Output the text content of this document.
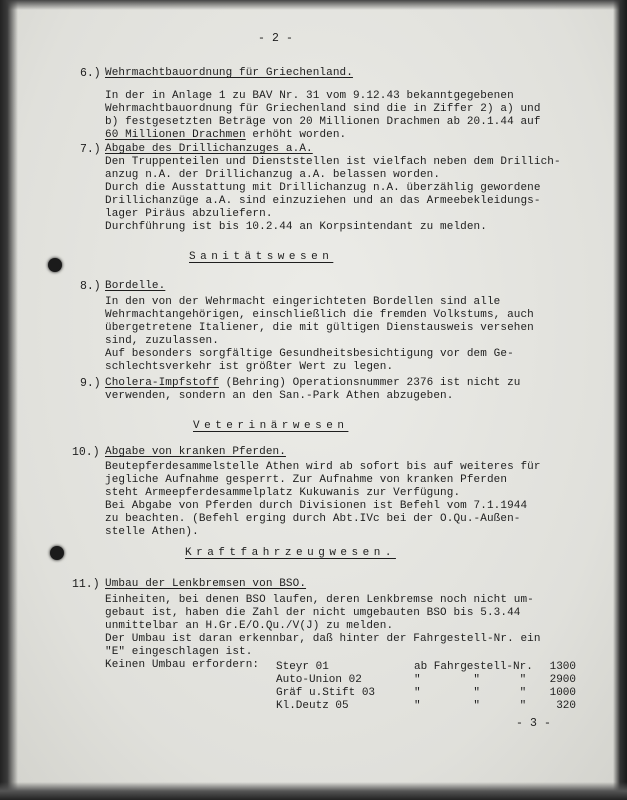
- 2 -
6.) Wehrmachtbauordnung für Griechenland.
In der in Anlage 1 zu BAV Nr. 31 vom 9.12.43 bekanntgegebenen
Wehrmachtbauordnung für Griechenland sind die in Ziffer 2) a) und
b) festgesetzten Beträge von 20 Millionen Drachmen ab 20.1.44 auf
60 Millionen Drachmen erhöht worden.
7.) Abgabe des Drillichanzuges a.A.
Den Truppenteilen und Dienststellen ist vielfach neben dem Drillich-
anzug n.A. der Drillichanzug a.A. belassen worden.
Durch die Ausstattung mit Drillichanzug n.A. überzählig gewordene
Drillichanzüge a.A. sind einzuziehen und an das Armeebekleidungs-
lager Piräus abzuliefern.
Durchführung ist bis 10.2.44 an Korpsintendant zu melden.
Sanitätswesen
8.) Bordelle.
In den von der Wehrmacht eingerichteten Bordellen sind alle
Wehrmachtangehörigen, einschließlich die fremden Volkstums, auch
übergetretene Italiener, die mit gültigen Dienstausweis versehen
sind, zuzulassen.
Auf besonders sorgfältige Gesundheitsbesichtigung vor dem Ge-
schlechtsverkehr ist größter Wert zu legen.
9.) Cholera-Impfstoff (Behring) Operationsnummer 2376 ist nicht zu
verwenden, sondern an den San.-Park Athen abzugeben.
Veterinärwesen
10.) Abgabe von kranken Pferden.
Beutepferdesammelstelle Athen wird ab sofort bis auf weiteres für
jegliche Aufnahme gesperrt. Zur Aufnahme von kranken Pferden
steht Armeepferdesammelplatz Kukuwanis zur Verfügung.
Bei Abgabe von Pferden durch Divisionen ist Befehl vom 7.1.1944
zu beachten. (Befehl erging durch Abt.IVc bei der O.Qu.-Außen-
stelle Athen).
Kraftfahrzeugwesen.
11.) Umbau der Lenkbremsen von BSO.
Einheiten, bei denen BSO laufen, deren Lenkbremse noch nicht um-
gebaut ist, haben die Zahl der nicht umgebauten BSO bis 5.3.44
unmittelbar an H.Gr.E/O.Qu./V(J) zu melden.
Der Umbau ist daran erkennbar, daß hinter der Fahrgestell-Nr. ein
"E" eingeschlagen ist.
Keinen Umbau erfordern: Steyr 01	ab Fahrgestell-Nr.	1300
Auto-Union 02	"        "      "	2900
Gräf u.Stift 03	"        "      "	1000
Kl.Deutz 05	"        "      "	320
- 3 -
